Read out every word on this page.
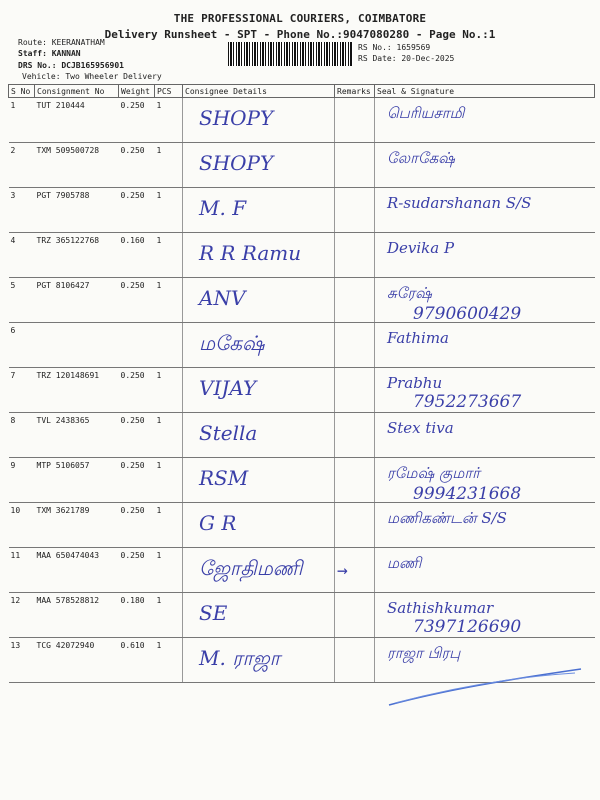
THE PROFESSIONAL COURIERS, COIMBATORE
Delivery Runsheet - SPT - Phone No.:9047080280 - Page No.:1
Route: KEERANATHAM
Staff: KANNAN
DRS No.: DCJB165956901
Vehicle: Two Wheeler Delivery
RS No.: 1659569
RS Date: 20-Dec-2025
S No	Consignment No	Weight	PCS	Consignee Details	Remarks	Seal & Signature
1	TUT 210444	0.250	1	SHOPY		பெரியசாமி

2	TXM 509500728	0.250	1	SHOPY		லோகேஷ்

3	PGT 7905788	0.250	1	M. F		R-sudarshanan S/S

4	TRZ 365122768	0.160	1	R R Ramu		Devika P

5	PGT 8106427	0.250	1	ANV		சுரேஷ்
9790600429

6				மகேஷ்		Fathima

7	TRZ 120148691	0.250	1	VIJAY		Prabhu
7952273667

8	TVL 2438365	0.250	1	Stella		Stex tiva

9	MTP 5106057	0.250	1	RSM		ரமேஷ் குமார்
9994231668

10	TXM 3621789	0.250	1	G R		மணிகண்டன் S/S

11	MAA 650474043	0.250	1	ஜோதிமணி	→	மணி

12	MAA 578528812	0.180	1	SE		Sathishkumar
7397126690

13	TCG 42072940	0.610	1	M. ராஜா		ராஜா பிரபு
